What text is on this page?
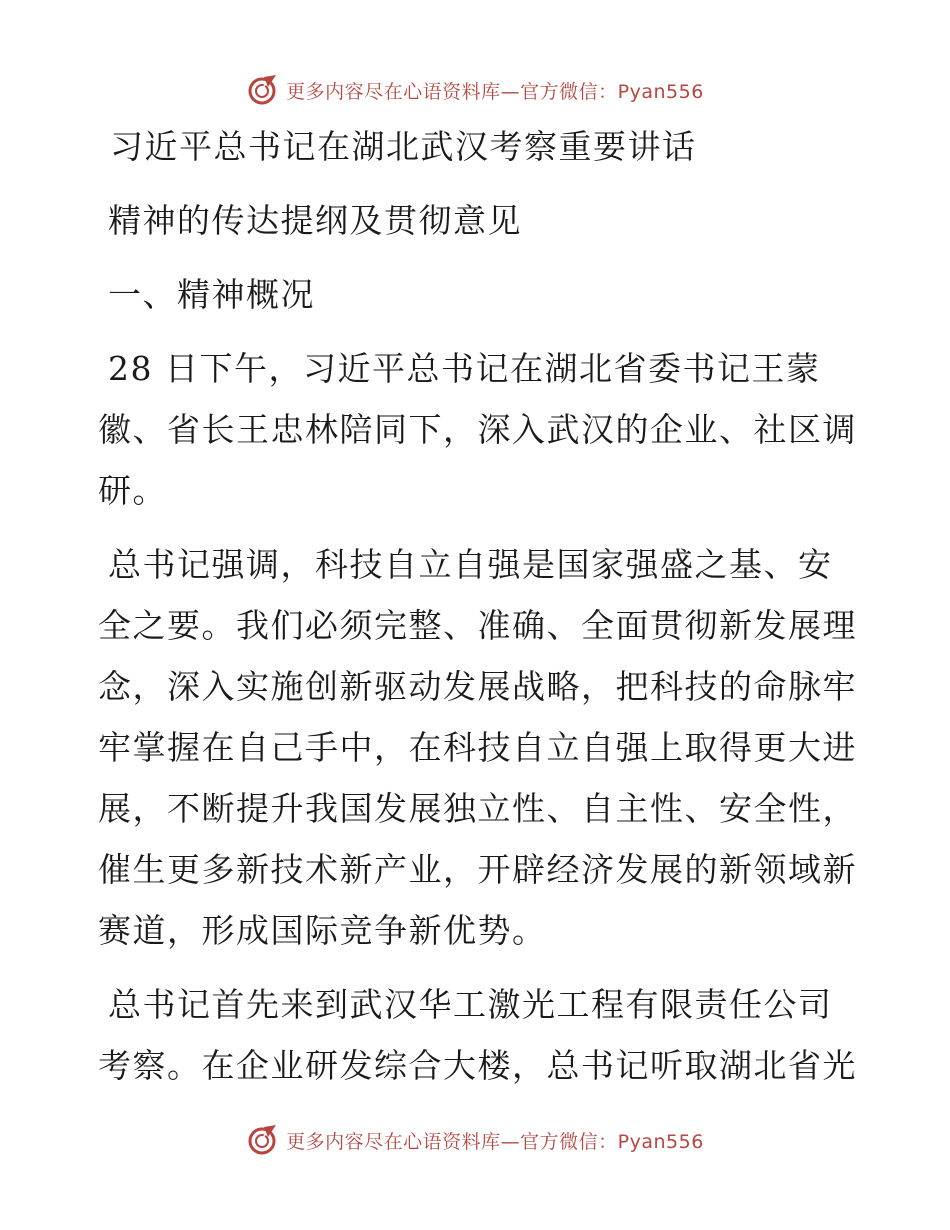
更多内容尽在心语资料库—官方微信：Pyan556
习近平总书记在湖北武汉考察重要讲话
精神的传达提纲及贯彻意见
一、精神概况
28 日下午，习近平总书记在湖北省委书记王蒙
徽、省长王忠林陪同下，深入武汉的企业、社区调
研。
总书记强调，科技自立自强是国家强盛之基、安
全之要。我们必须完整、准确、全面贯彻新发展理
念，深入实施创新驱动发展战略，把科技的命脉牢
牢掌握在自己手中，在科技自立自强上取得更大进
展，不断提升我国发展独立性、自主性、安全性，
催生更多新技术新产业，开辟经济发展的新领域新
赛道，形成国际竞争新优势。
总书记首先来到武汉华工激光工程有限责任公司
考察。在企业研发综合大楼，总书记听取湖北省光
更多内容尽在心语资料库—官方微信：Pyan556
